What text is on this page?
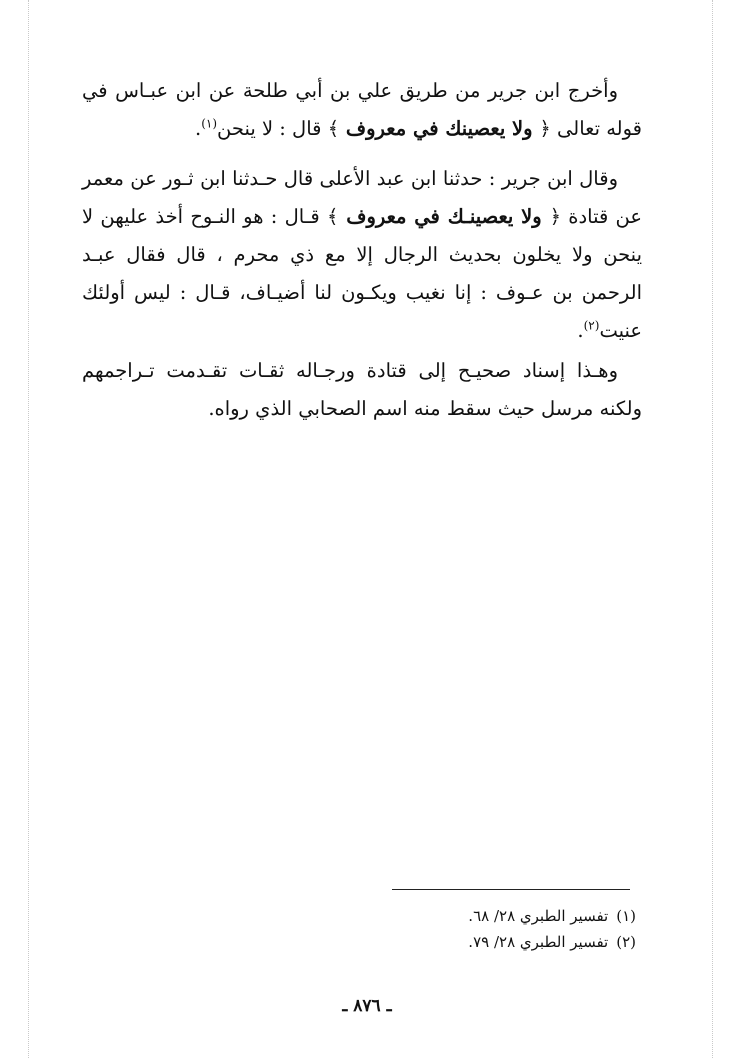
وأخرج ابن جرير من طريق علي بن أبي طلحة عن ابن عبـاس في قوله تعالى ﴿ ولا يعصينك في معروف ﴾ قال : لا ينحن$^{(١)}$.

وقال ابن جرير : حدثنا ابن عبد الأعلى قال حـدثنا ابن ثـور عن معمر عن قتادة ﴿ ولا يعصينـك في معروف ﴾ قـال : هو النـوح أخذ عليهن لا ينحن ولا يخلون بحديث الرجال إلا مع ذي محرم ، قال فقال عبـد الرحمن بن عـوف : إنا نغيب ويكـون لنا أضيـاف، قـال : ليس أولئك عنيت$^{(٢)}$.

وهـذا إسناد صحيـح إلى قتادة ورجـاله ثقـات تقـدمت تـراجمهم ولكنه مرسل حيث سقط منه اسم الصحابي الذي رواه.

(١)تفسير الطبري ٢٨/ ٦٨.
(٢)تفسير الطبري ٢٨/ ٧٩.
ـ ٨٧٦ ـ
